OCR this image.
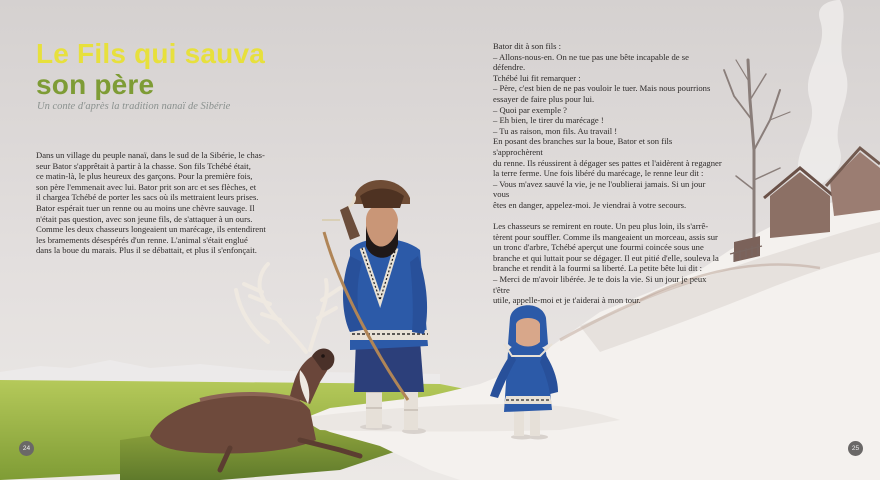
Le Fils qui sauva
son père
Un conte d'après la tradition nanaï de Sibérie

Dans un village du peuple nanaï, dans le sud de la Sibérie, le chas-

seur Bator s'apprêtait à partir à la chasse. Son fils Tchébé était,

ce matin-là, le plus heureux des garçons. Pour la première fois,

son père l'emmenait avec lui. Bator prit son arc et ses flèches, et

il chargea Tchébé de porter les sacs où ils mettraient leurs prises.

Bator espérait tuer un renne ou au moins une chèvre sauvage. Il

n'était pas question, avec son jeune fils, de s'attaquer à un ours.

Comme les deux chasseurs longeaient un marécage, ils entendirent

les bramements désespérés d'un renne. L'animal s'était englué

dans la boue du marais. Plus il se débattait, et plus il s'enfonçait.

Bator dit à son fils :

– Allons-nous-en. On ne tue pas une bête incapable de se défendre.

Tchébé lui fit remarquer :

– Père, c'est bien de ne pas vouloir le tuer. Mais nous pourrions

essayer de faire plus pour lui.

– Quoi par exemple ?

– Eh bien, le tirer du marécage !

– Tu as raison, mon fils. Au travail !

En posant des branches sur la boue, Bator et son fils s'approchèrent

du renne. Ils réussirent à dégager ses pattes et l'aidèrent à regagner

la terre ferme. Une fois libéré du marécage, le renne leur dit :

– Vous m'avez sauvé la vie, je ne l'oublierai jamais. Si un jour vous

êtes en danger, appelez-moi. Je viendrai à votre secours.

Les chasseurs se remirent en route. Un peu plus loin, ils s'arrê-

tèrent pour souffler. Comme ils mangeaient un morceau, assis sur

un tronc d'arbre, Tchébé aperçut une fourmi coincée sous une

branche et qui luttait pour se dégager. Il eut pitié d'elle, souleva la

branche et rendit à la fourmi sa liberté. La petite bête lui dit :

– Merci de m'avoir libérée. Je te dois la vie. Si un jour je peux t'être

utile, appelle-moi et je t'aiderai à mon tour.

24	25
